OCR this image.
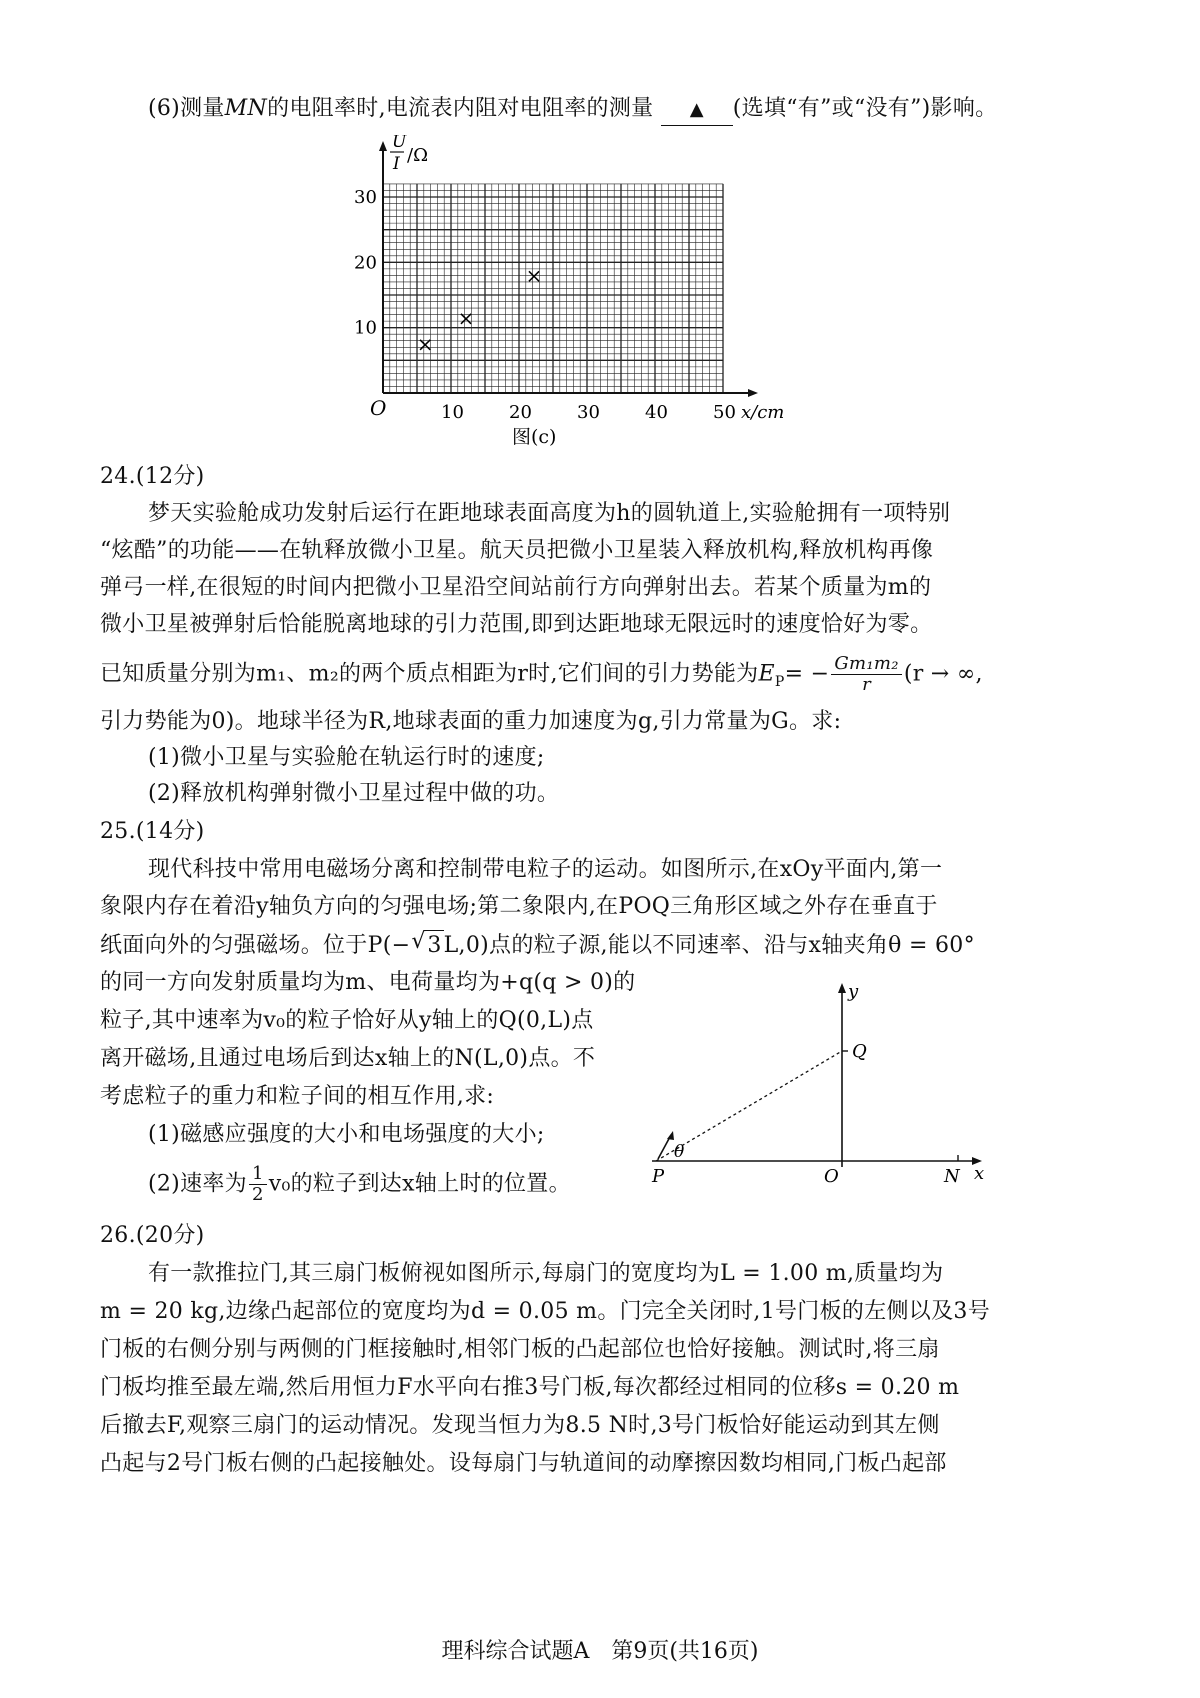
(6)测量MN的电阻率时,电流表内阻对电阻率的测量 ▲ (选填“有”或“没有”)影响。
U
I /Ω
30
20
10
10	20	30	40	50
O	x/cm
×
×
×
图(c)
24.(12分)
梦天实验舱成功发射后运行在距地球表面高度为h的圆轨道上,实验舱拥有一项特别
“炫酷”的功能——在轨释放微小卫星。航天员把微小卫星装入释放机构,释放机构再像
弹弓一样,在很短的时间内把微小卫星沿空间站前行方向弹射出去。若某个质量为m的
微小卫星被弹射后恰能脱离地球的引力范围,即到达距地球无限远时的速度恰好为零。
已知质量分别为m₁、m₂的两个质点相距为r时,它们间的引力势能为$E_P= - \frac{\text{Gm₁m₂}}{r} (r$ → ∞,
引力势能为0)。地球半径为R,地球表面的重力加速度为g,引力常量为G。求:
(1)微小卫星与实验舱在轨运行时的速度;
(2)释放机构弹射微小卫星过程中做的功。
25.(14分)
现代科技中常用电磁场分离和控制带电粒子的运动。如图所示,在xOy平面内,第一
象限内存在着沿y轴负方向的匀强电场;第二象限内,在POQ三角形区域之外存在垂直于
纸面向外的匀强磁场。位于P(−√ 3L,0)点的粒子源,能以不同速率、沿与x轴夹角θ = 60°
的同一方向发射质量均为m、电荷量均为+q(q > 0)的
粒子,其中速率为v₀的粒子恰好从y轴上的Q(0,L)点
离开磁场,且通过电场后到达x轴上的N(L,0)点。不
考虑粒子的重力和粒子间的相互作用,求:
(1)磁感应强度的大小和电场强度的大小;
(2)速率为 $\frac{1}{2} v_0$的粒子到达x轴上时的位置。
y
x
Q
θ
P	O	N
26.(20分)
有一款推拉门,其三扇门板俯视如图所示,每扇门的宽度均为L = 1.00 m,质量均为
m = 20 kg,边缘凸起部位的宽度均为d = 0.05 m。门完全关闭时,1号门板的左侧以及3号
门板的右侧分别与两侧的门框接触时,相邻门板的凸起部位也恰好接触。测试时,将三扇
门板均推至最左端,然后用恒力F水平向右推3号门板,每次都经过相同的位移s = 0.20 m
后撤去F,观察三扇门的运动情况。发现当恒力为8.5 N时,3号门板恰好能运动到其左侧
凸起与2号门板右侧的凸起接触处。设每扇门与轨道间的动摩擦因数均相同,门板凸起部
理科综合试题A　第9页(共16页)
